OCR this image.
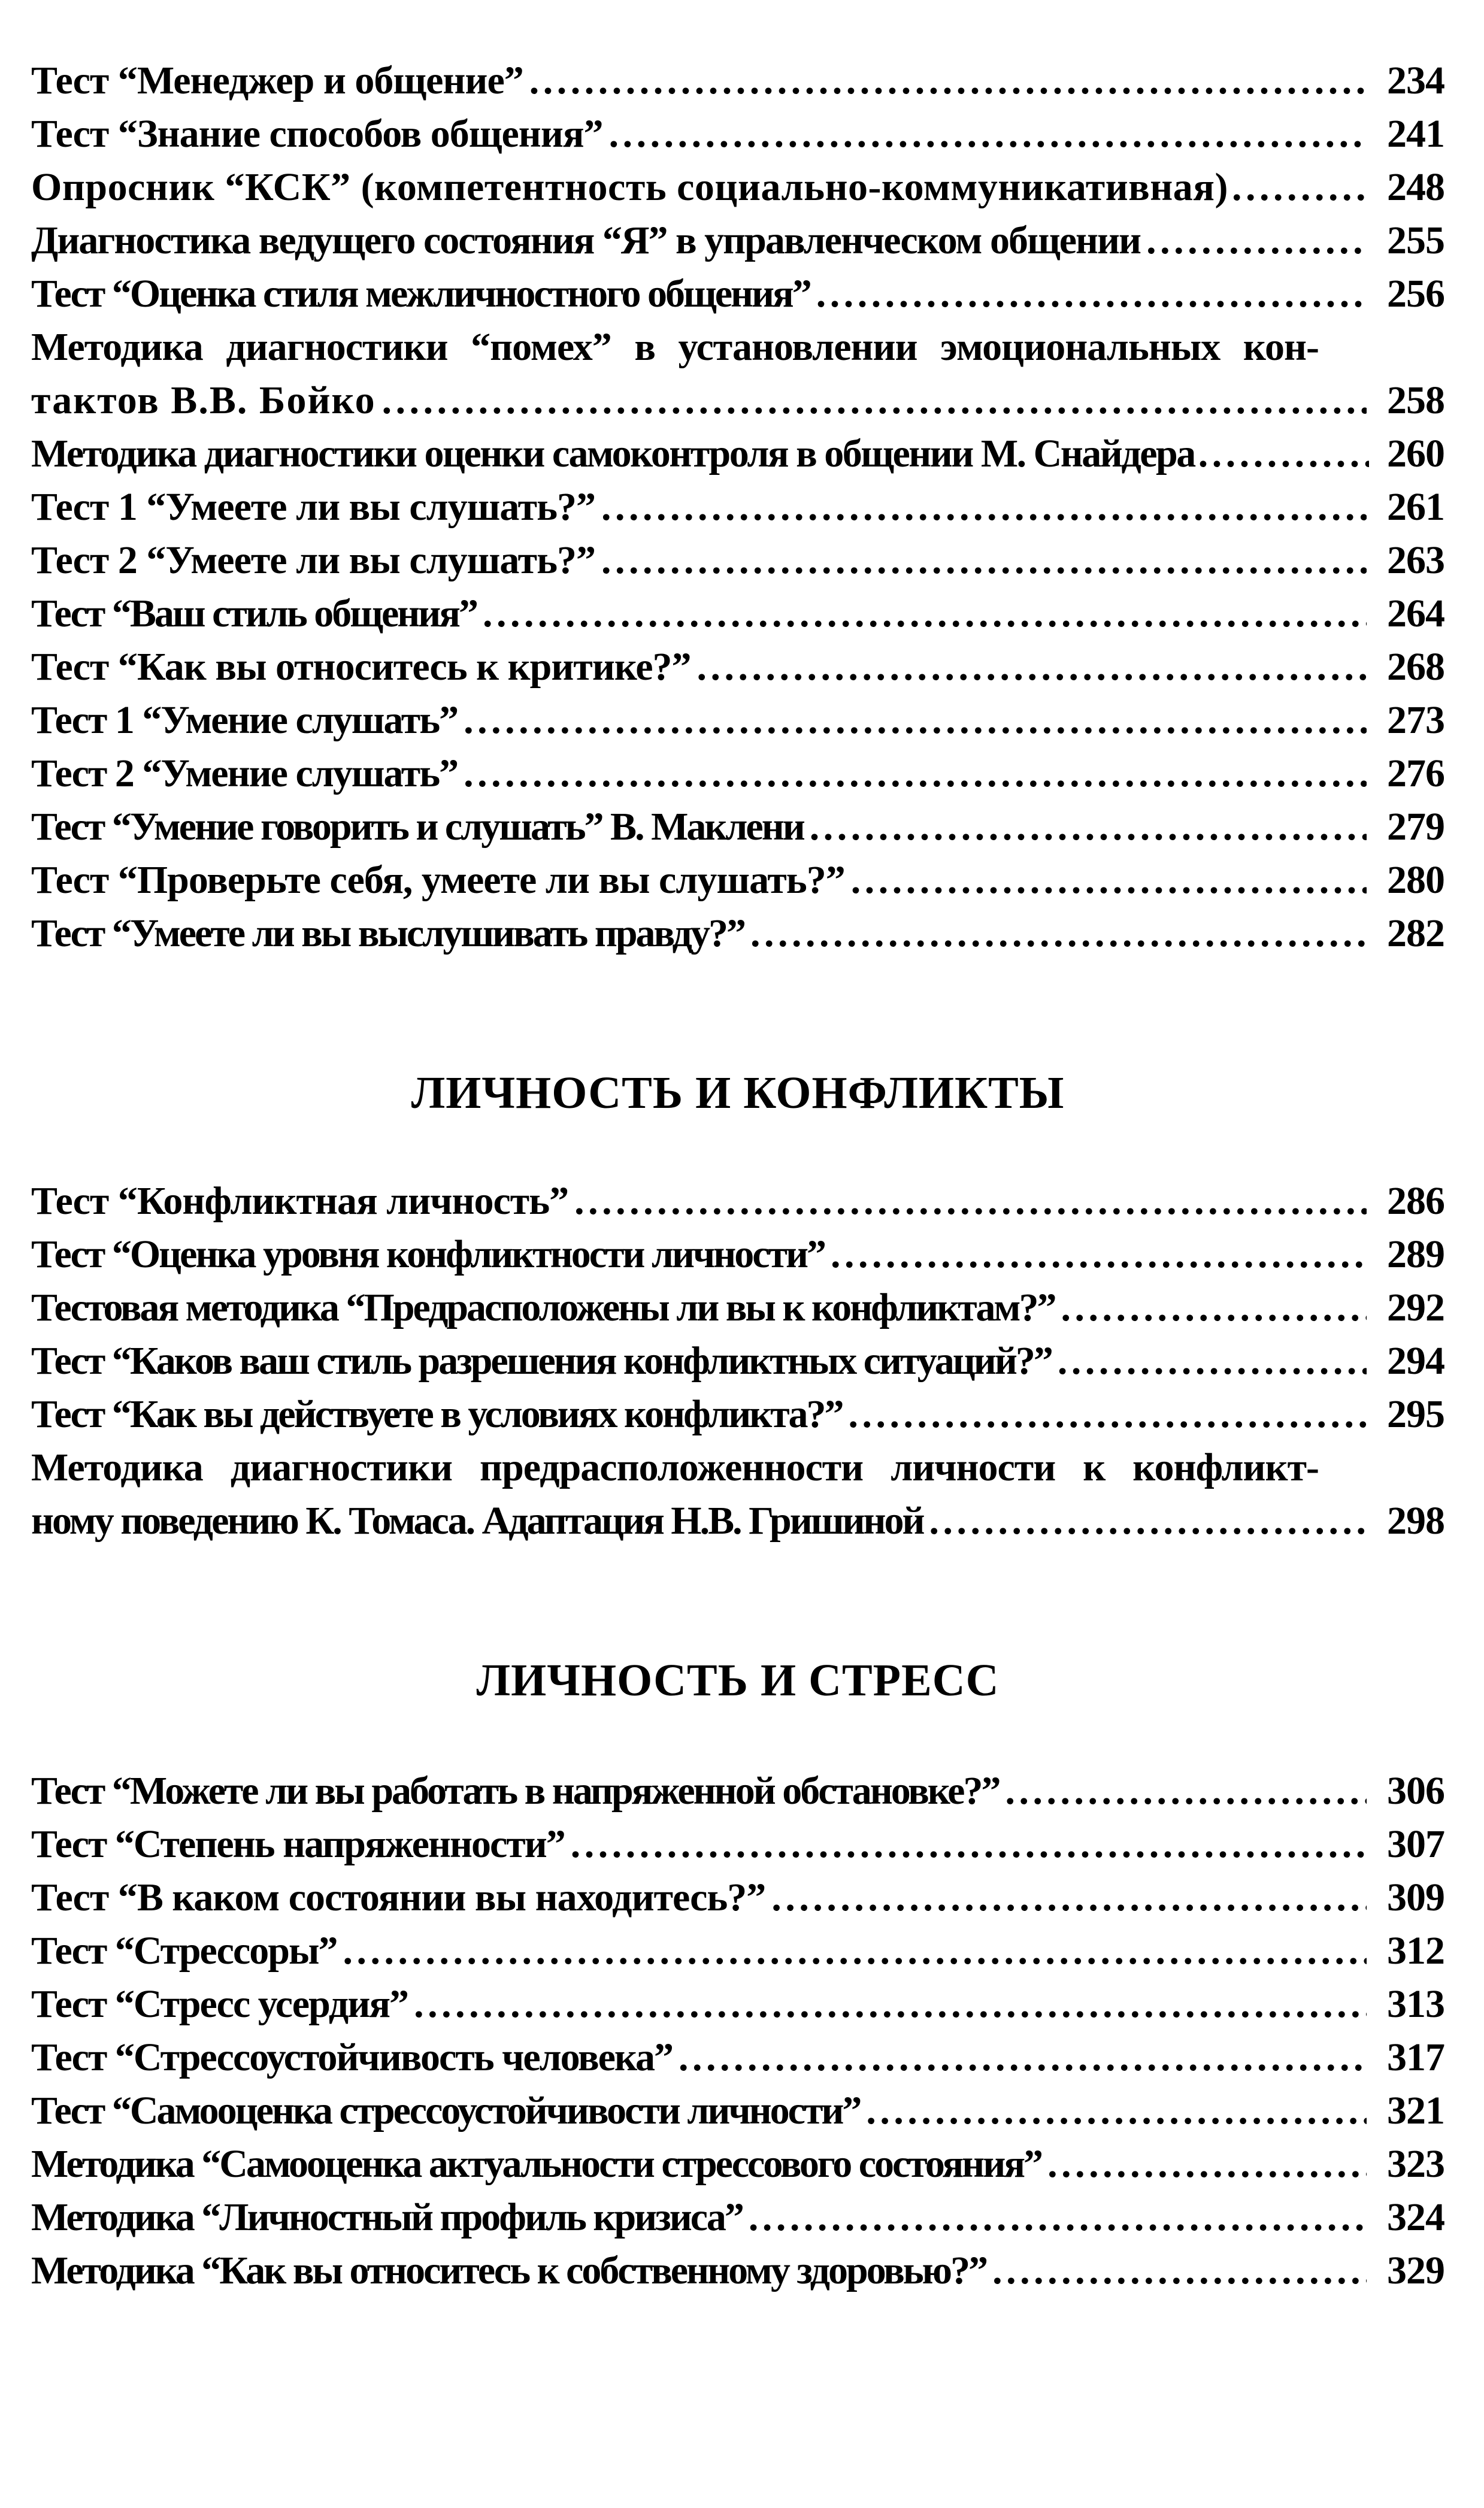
Тест “Менеджер и общение” . . .	234
Тест “Знание способов общения” . . .	241
Опросник “КСК” (компетентность социально-коммуникативная) . . .	248
Диагностика ведущего состояния “Я” в управленческом общении . . .	255
Тест “Оценка стиля межличностного общения” . . .	256
Методика диагностики “помех” в установлении эмоциональных кон-
тактов В.В. Бойко . . .	258
Методика диагностики оценки самоконтроля в общении М. Снайдера . . .	260
Тест 1 “Умеете ли вы слушать?” . . .	261
Тест 2 “Умеете ли вы слушать?” . . .	263
Тест “Ваш стиль общения” . . .	264
Тест “Как вы относитесь к критике?” . . .	268
Тест 1 “Умение слушать” . . .	273
Тест 2 “Умение слушать” . . .	276
Тест “Умение говорить и слушать” В. Маклени . . .	279
Тест “Проверьте себя, умеете ли вы слушать?” . . .	280
Тест “Умеете ли вы выслушивать правду?” . . .	282
ЛИЧНОСТЬ И КОНФЛИКТЫ
Тест “Конфликтная личность” . . .	286
Тест “Оценка уровня конфликтности личности” . . .	289
Тестовая методика “Предрасположены ли вы к конфликтам?” . . .	292
Тест “Каков ваш стиль разрешения конфликтных ситуаций?” . . .	294
Тест “Как вы действуете в условиях конфликта?” . . .	295
Методика диагностики предрасположенности личности к конфликт-
ному поведению К. Томаса. Адаптация Н.В. Гришиной . . .	298
ЛИЧНОСТЬ И СТРЕСС
Тест “Можете ли вы работать в напряженной обстановке?” . . .	306
Тест “Степень напряженности” . . .	307
Тест “В каком состоянии вы находитесь?” . . .	309
Тест “Стрессоры” . . .	312
Тест “Стресс усердия” . . .	313
Тест “Стрессоустойчивость человека” . . .	317
Тест “Самооценка стрессоустойчивости личности” . . .	321
Методика “Самооценка актуальности стрессового состояния” . . .	323
Методика “Личностный профиль кризиса” . . .	324
Методика “Как вы относитесь к собственному здоровью?” . . .	329
